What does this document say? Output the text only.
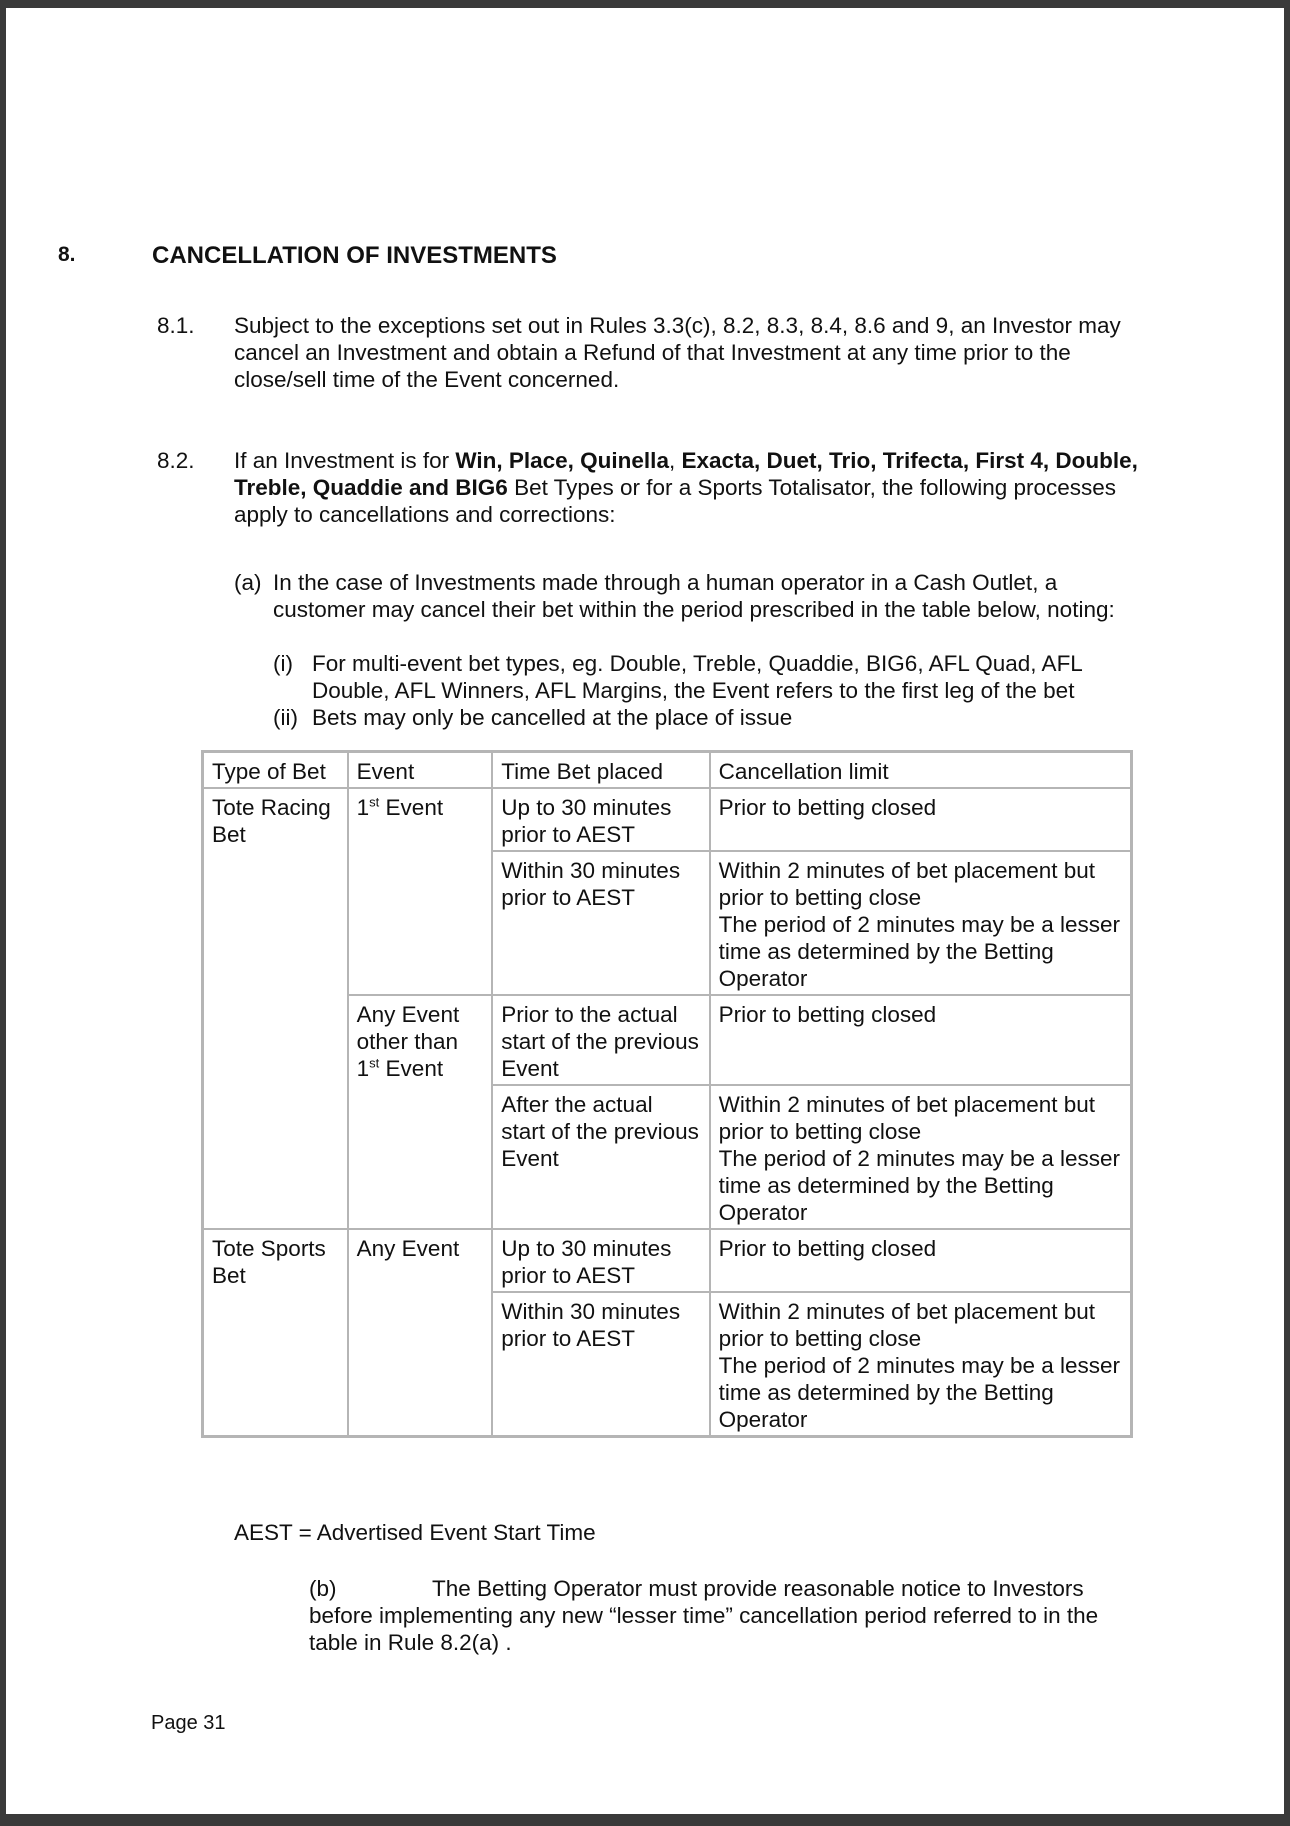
8.	CANCELLATION OF INVESTMENTS
8.1. Subject to the exceptions set out in Rules 3.3(c), 8.2, 8.3, 8.4, 8.6 and 9, an Investor may cancel an Investment and obtain a Refund of that Investment at any time prior to the close/sell time of the Event concerned.
8.2. If an Investment is for Win, Place, Quinella, Exacta, Duet, Trio, Trifecta, First 4, Double, Treble, Quaddie and BIG6 Bet Types or for a Sports Totalisator, the following processes apply to cancellations and corrections:
(a) In the case of Investments made through a human operator in a Cash Outlet, a customer may cancel their bet within the period prescribed in the table below, noting:
(i) For multi-event bet types, eg. Double, Treble, Quaddie, BIG6, AFL Quad, AFL Double, AFL Winners, AFL Margins, the Event refers to the first leg of the bet
(ii) Bets may only be cancelled at the place of issue
Type of Bet	Event	Time Bet placed	Cancellation limit
Tote Racing Bet	1st Event	Up to 30 minutes prior to AEST	Prior to betting closed
		Within 30 minutes prior to AEST	Within 2 minutes of bet placement but prior to betting close
The period of 2 minutes may be a lesser time as determined by the Betting Operator

	Any Event other than 1st Event	Prior to the actual start of the previous Event	Prior to betting closed
		After the actual start of the previous Event	Within 2 minutes of bet placement but prior to betting close
The period of 2 minutes may be a lesser time as determined by the Betting Operator

Tote Sports Bet	Any Event	Up to 30 minutes prior to AEST	Prior to betting closed
		Within 30 minutes prior to AEST	Within 2 minutes of bet placement but prior to betting close
The period of 2 minutes may be a lesser time as determined by the Betting Operator
AEST = Advertised Event Start Time
(b)	The Betting Operator must provide reasonable notice to Investors before implementing any new “lesser time” cancellation period referred to in the table in Rule 8.2(a) .
Page 31
